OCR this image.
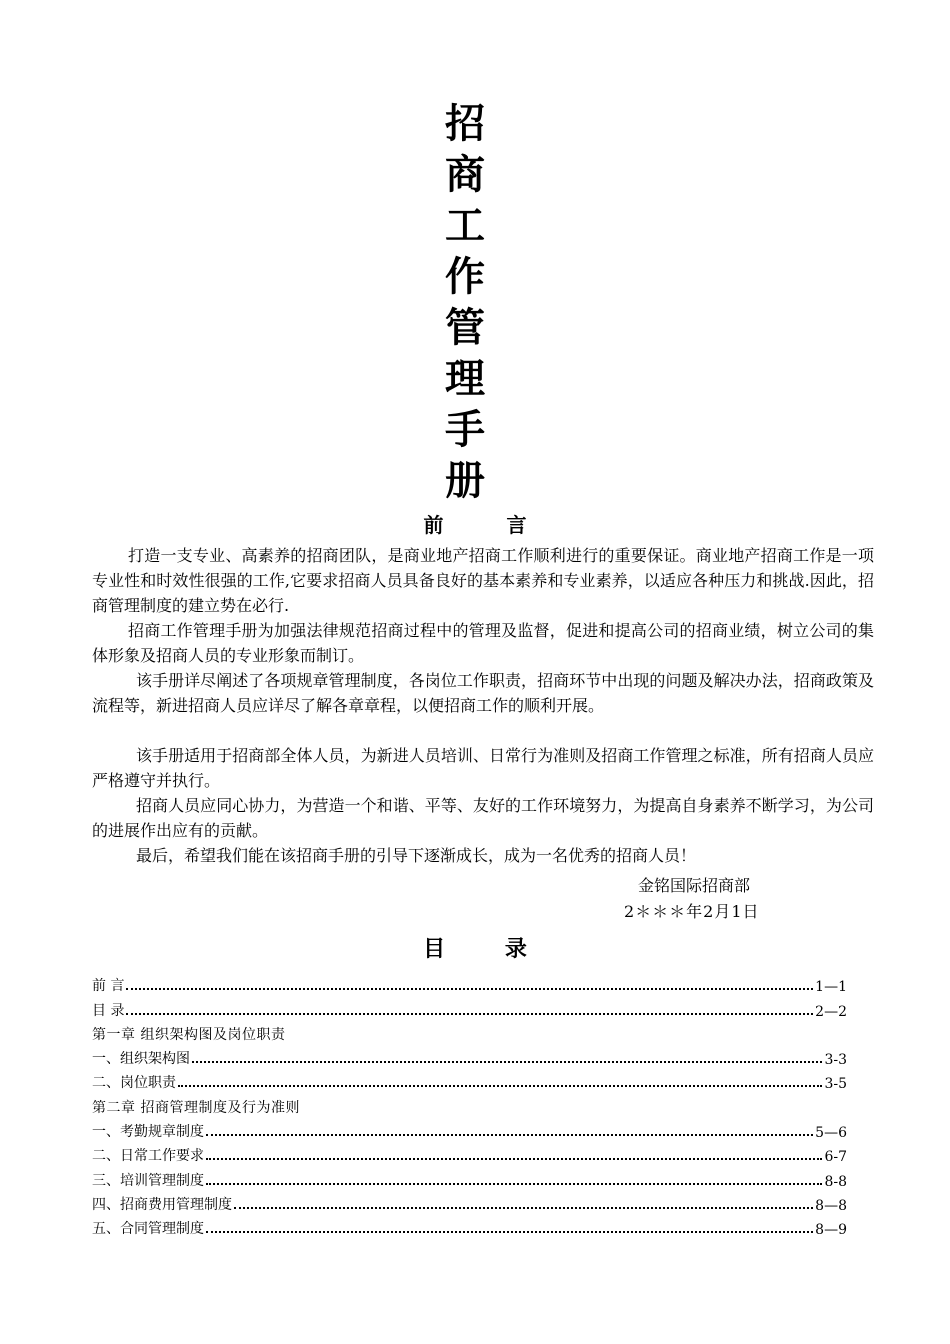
招
商
工
作
管
理
手
册
前 言

打造一支专业、高素养的招商团队，是商业地产招商工作顺利进行的重要保证。商业地产招商工作是一项专业性和时效性很强的工作,它要求招商人员具备良好的基本素养和专业素养，以适应各种压力和挑战.因此，招商管理制度的建立势在必行.

招商工作管理手册为加强法律规范招商过程中的管理及监督，促进和提高公司的招商业绩，树立公司的集体形象及招商人员的专业形象而制订。

该手册详尽阐述了各项规章管理制度，各岗位工作职责，招商环节中出现的问题及解决办法，招商政策及流程等，新进招商人员应详尽了解各章章程，以便招商工作的顺利开展。

该手册适用于招商部全体人员，为新进人员培训、日常行为准则及招商工作管理之标准，所有招商人员应严格遵守并执行。

招商人员应同心协力，为营造一个和谐、平等、友好的工作环境努力，为提高自身素养不断学习，为公司的进展作出应有的贡献。

最后，希望我们能在该招商手册的引导下逐渐成长，成为一名优秀的招商人员！

金铭国际招商部
2＊＊＊年2月1日
目 录
前 言	1—1
目 录	2—2
第一章 组织架构图及岗位职责
一、组织架构图	3-3
二、岗位职责	3-5
第二章 招商管理制度及行为准则
一、考勤规章制度	5—6
二、日常工作要求	6-7
三、培训管理制度	8-8
四、招商费用管理制度	8—8
五、合同管理制度	8—9
